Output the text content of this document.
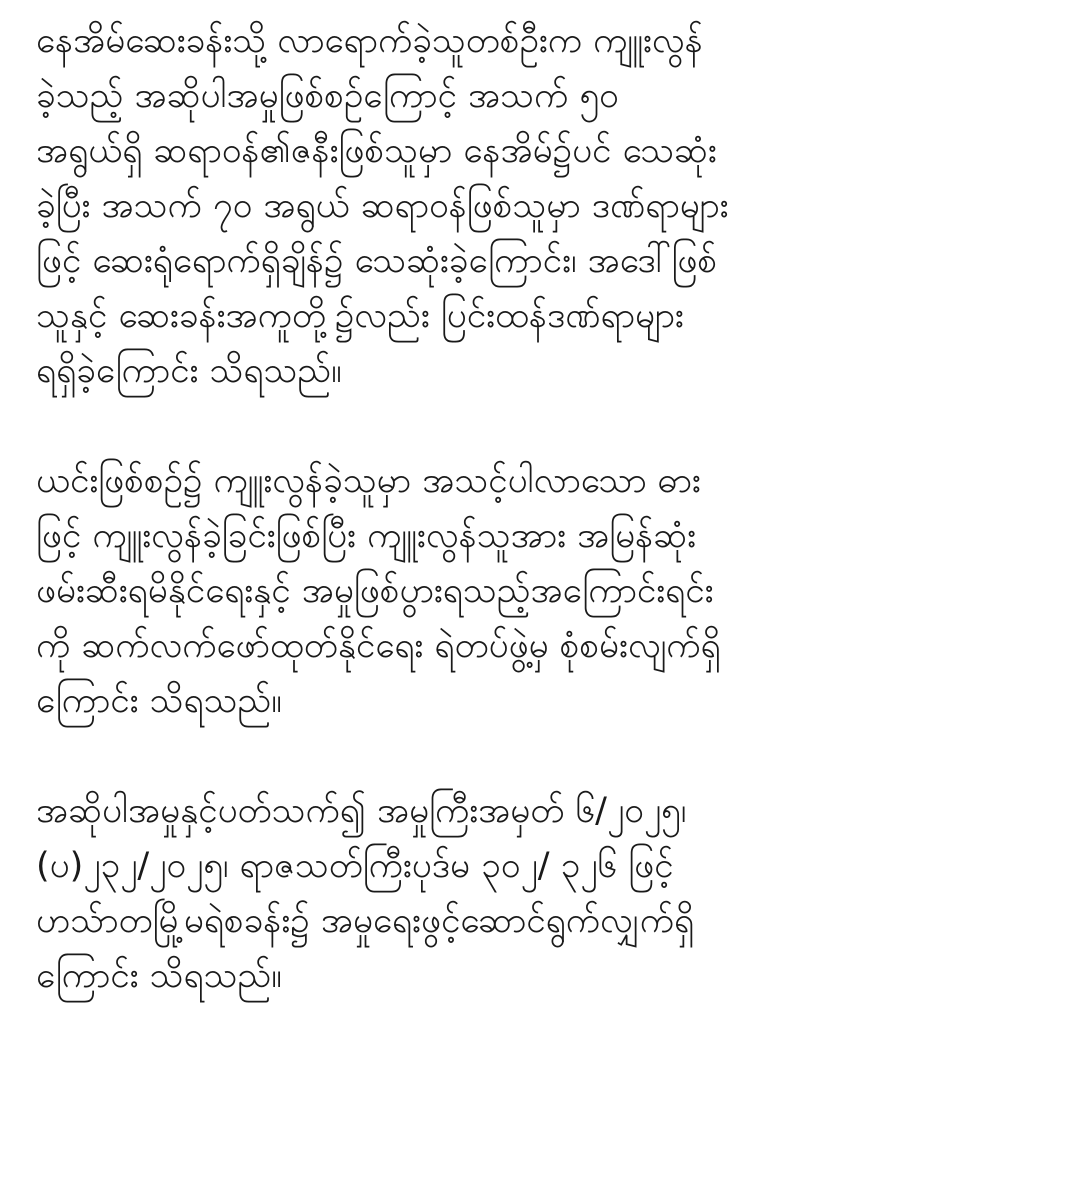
နေအိမ်ဆေးခန်းသို့ လာရောက်ခဲ့သူတစ်ဦးက ကျူးလွန်
ခဲ့သည့် အဆိုပါအမှုဖြစ်စဉ်ကြောင့် အသက် ၅၀
အရွယ်ရှိ ဆရာဝန်၏ဇနီးဖြစ်သူမှာ နေအိမ်၌ပင် သေဆုံး
ခဲ့ပြီး အသက် ၇၀ အရွယ် ဆရာဝန်ဖြစ်သူမှာ ဒဏ်ရာများ
ဖြင့် ဆေးရုံရောက်ရှိချိန်၌ သေဆုံးခဲ့ကြောင်း၊ အဒေါ်ဖြစ်
သူနှင့် ဆေးခန်းအကူတို့၌လည်း ပြင်းထန်ဒဏ်ရာများ
ရရှိခဲ့ကြောင်း သိရသည်။
ယင်းဖြစ်စဉ်၌ ကျူးလွန်ခဲ့သူမှာ အသင့်ပါလာသော ဓား
ဖြင့် ကျူးလွန်ခဲ့ခြင်းဖြစ်ပြီး ကျူးလွန်သူအား အမြန်ဆုံး
ဖမ်းဆီးရမိနိုင်ရေးနှင့် အမှုဖြစ်ပွားရသည့်အကြောင်းရင်း
ကို ဆက်လက်ဖော်ထုတ်နိုင်ရေး ရဲတပ်ဖွဲ့မှ စုံစမ်းလျက်ရှိ
ကြောင်း သိရသည်။
အဆိုပါအမှုနှင့်ပတ်သက်၍ အမှုကြီးအမှတ် ၆/၂၀၂၅၊
(ပ)၂၃၂/၂၀၂၅၊ ရာဇသတ်ကြီးပုဒ်မ ၃၀၂/ ၃၂၆ ဖြင့်
ဟသ်ာတမြို့မရဲစခန်း၌ အမှုရေးဖွင့်ဆောင်ရွက်လျှက်ရှိ
ကြောင်း သိရသည်။
